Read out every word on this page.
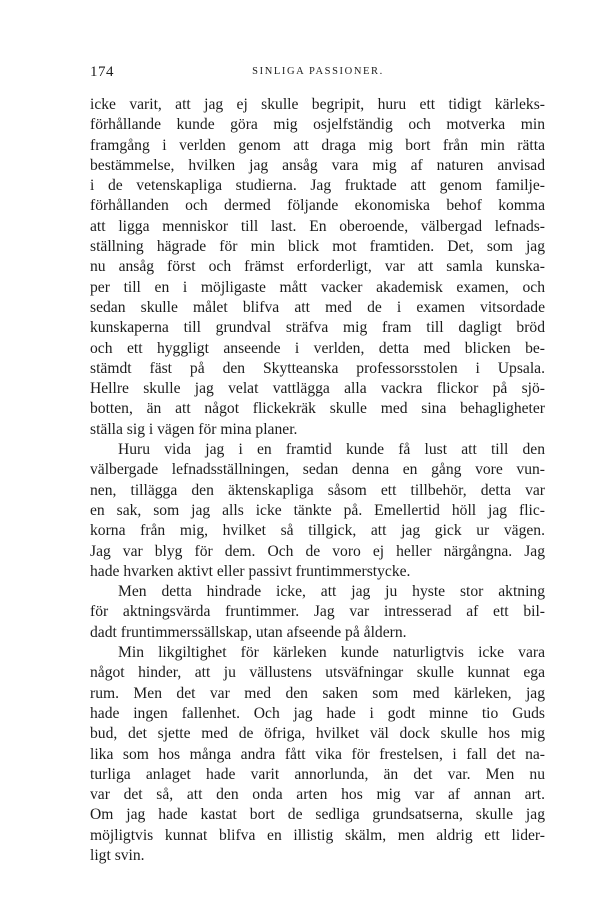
174	SINLIGA PASSIONER.
icke varit, att jag ej skulle begripit, huru ett tidigt kärleks-
förhållande kunde göra mig osjelfständig och motverka min
framgång i verlden genom att draga mig bort från min rätta
bestämmelse, hvilken jag ansåg vara mig af naturen anvisad
i de vetenskapliga studierna. Jag fruktade att genom familje-
förhållanden och dermed följande ekonomiska behof komma
att ligga menniskor till last. En oberoende, välbergad lefnads-
ställning hägrade för min blick mot framtiden. Det, som jag
nu ansåg först och främst erforderligt, var att samla kunska-
per till en i möjligaste mått vacker akademisk examen, och
sedan skulle målet blifva att med de i examen vitsordade
kunskaperna till grundval sträfva mig fram till dagligt bröd
och ett hyggligt anseende i verlden, detta med blicken be-
stämdt fäst på den Skytteanska professorsstolen i Upsala.
Hellre skulle jag velat vattlägga alla vackra flickor på sjö-
botten, än att något flickekräk skulle med sina behagligheter
ställa sig i vägen för mina planer.
Huru vida jag i en framtid kunde få lust att till den
välbergade lefnadsställningen, sedan denna en gång vore vun-
nen, tillägga den äktenskapliga såsom ett tillbehör, detta var
en sak, som jag alls icke tänkte på. Emellertid höll jag flic-
korna från mig, hvilket så tillgick, att jag gick ur vägen.
Jag var blyg för dem. Och de voro ej heller närgångna. Jag
hade hvarken aktivt eller passivt fruntimmerstycke.
Men detta hindrade icke, att jag ju hyste stor aktning
för aktningsvärda fruntimmer. Jag var intresserad af ett bil-
dadt fruntimmerssällskap, utan afseende på åldern.
Min likgiltighet för kärleken kunde naturligtvis icke vara
något hinder, att ju vällustens utsväfningar skulle kunnat ega
rum. Men det var med den saken som med kärleken, jag
hade ingen fallenhet. Och jag hade i godt minne tio Guds
bud, det sjette med de öfriga, hvilket väl dock skulle hos mig
lika som hos många andra fått vika för frestelsen, i fall det na-
turliga anlaget hade varit annorlunda, än det var. Men nu
var det så, att den onda arten hos mig var af annan art.
Om jag hade kastat bort de sedliga grundsatserna, skulle jag
möjligtvis kunnat blifva en illistig skälm, men aldrig ett lider-
ligt svin.
